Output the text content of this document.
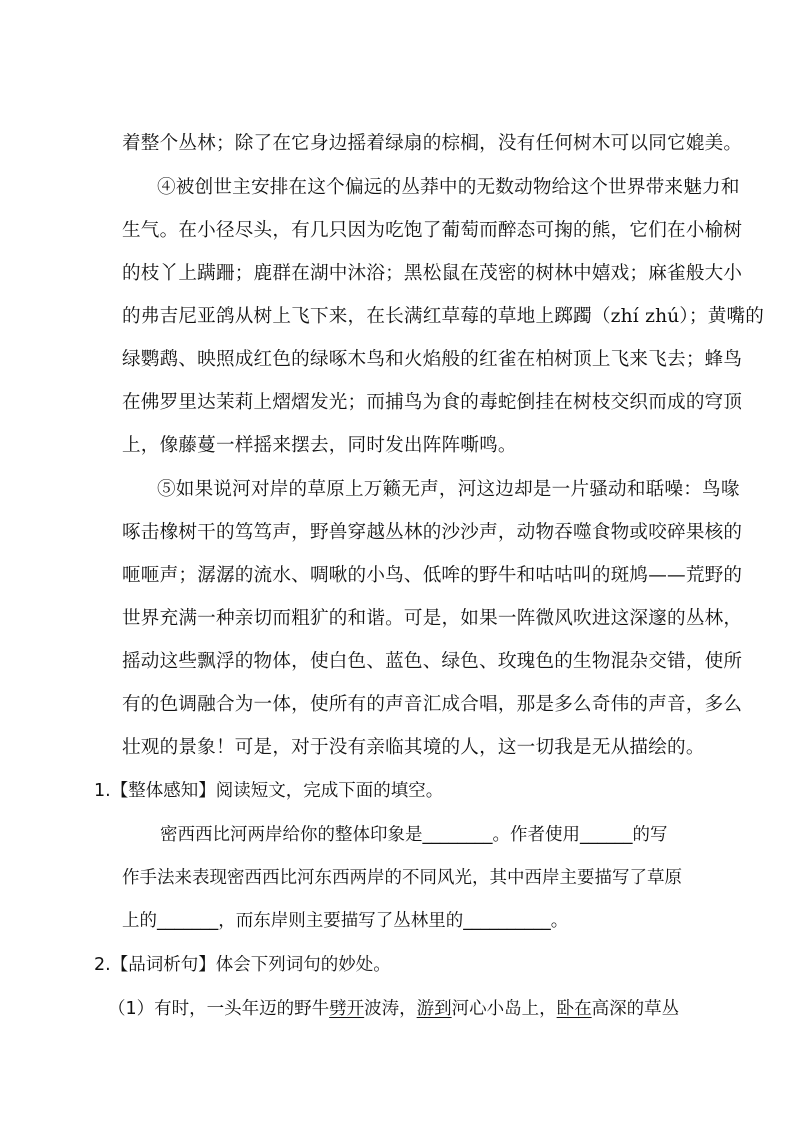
着整个丛林；除了在它身边摇着绿扇的棕榈，没有任何树木可以同它媲美。
④被创世主安排在这个偏远的丛莽中的无数动物给这个世界带来魅力和
生气。在小径尽头，有几只因为吃饱了葡萄而醉态可掬的熊，它们在小榆树
的枝丫上蹒跚；鹿群在湖中沐浴；黑松鼠在茂密的树林中嬉戏；麻雀般大小
的弗吉尼亚鸽从树上飞下来，在长满红草莓的草地上踯躅（zhí zhú）；黄嘴的
绿鹦鹉、映照成红色的绿啄木鸟和火焰般的红雀在柏树顶上飞来飞去；蜂鸟
在佛罗里达茉莉上熠熠发光；而捕鸟为食的毒蛇倒挂在树枝交织而成的穹顶
上，像藤蔓一样摇来摆去，同时发出阵阵嘶鸣。
⑤如果说河对岸的草原上万籁无声，河这边却是一片骚动和聒噪：鸟喙
啄击橡树干的笃笃声，野兽穿越丛林的沙沙声，动物吞噬食物或咬碎果核的
咂咂声；潺潺的流水、啁啾的小鸟、低哞的野牛和咕咕叫的斑鸠——荒野的
世界充满一种亲切而粗犷的和谐。可是，如果一阵微风吹进这深邃的丛林，
摇动这些飘浮的物体，使白色、蓝色、绿色、玫瑰色的生物混杂交错，使所
有的色调融合为一体，使所有的声音汇成合唱，那是多么奇伟的声音，多么
壮观的景象！可是，对于没有亲临其境的人，这一切我是无从描绘的。
1.【整体感知】阅读短文，完成下面的填空。
密西西比河两岸给你的整体印象是________。作者使用______的写
作手法来表现密西西比河东西两岸的不同风光，其中西岸主要描写了草原
上的_______，而东岸则主要描写了丛林里的__________。
2.【品词析句】体会下列词句的妙处。
（1）有时，一头年迈的野牛劈开波涛，游到河心小岛上，卧在高深的草丛
